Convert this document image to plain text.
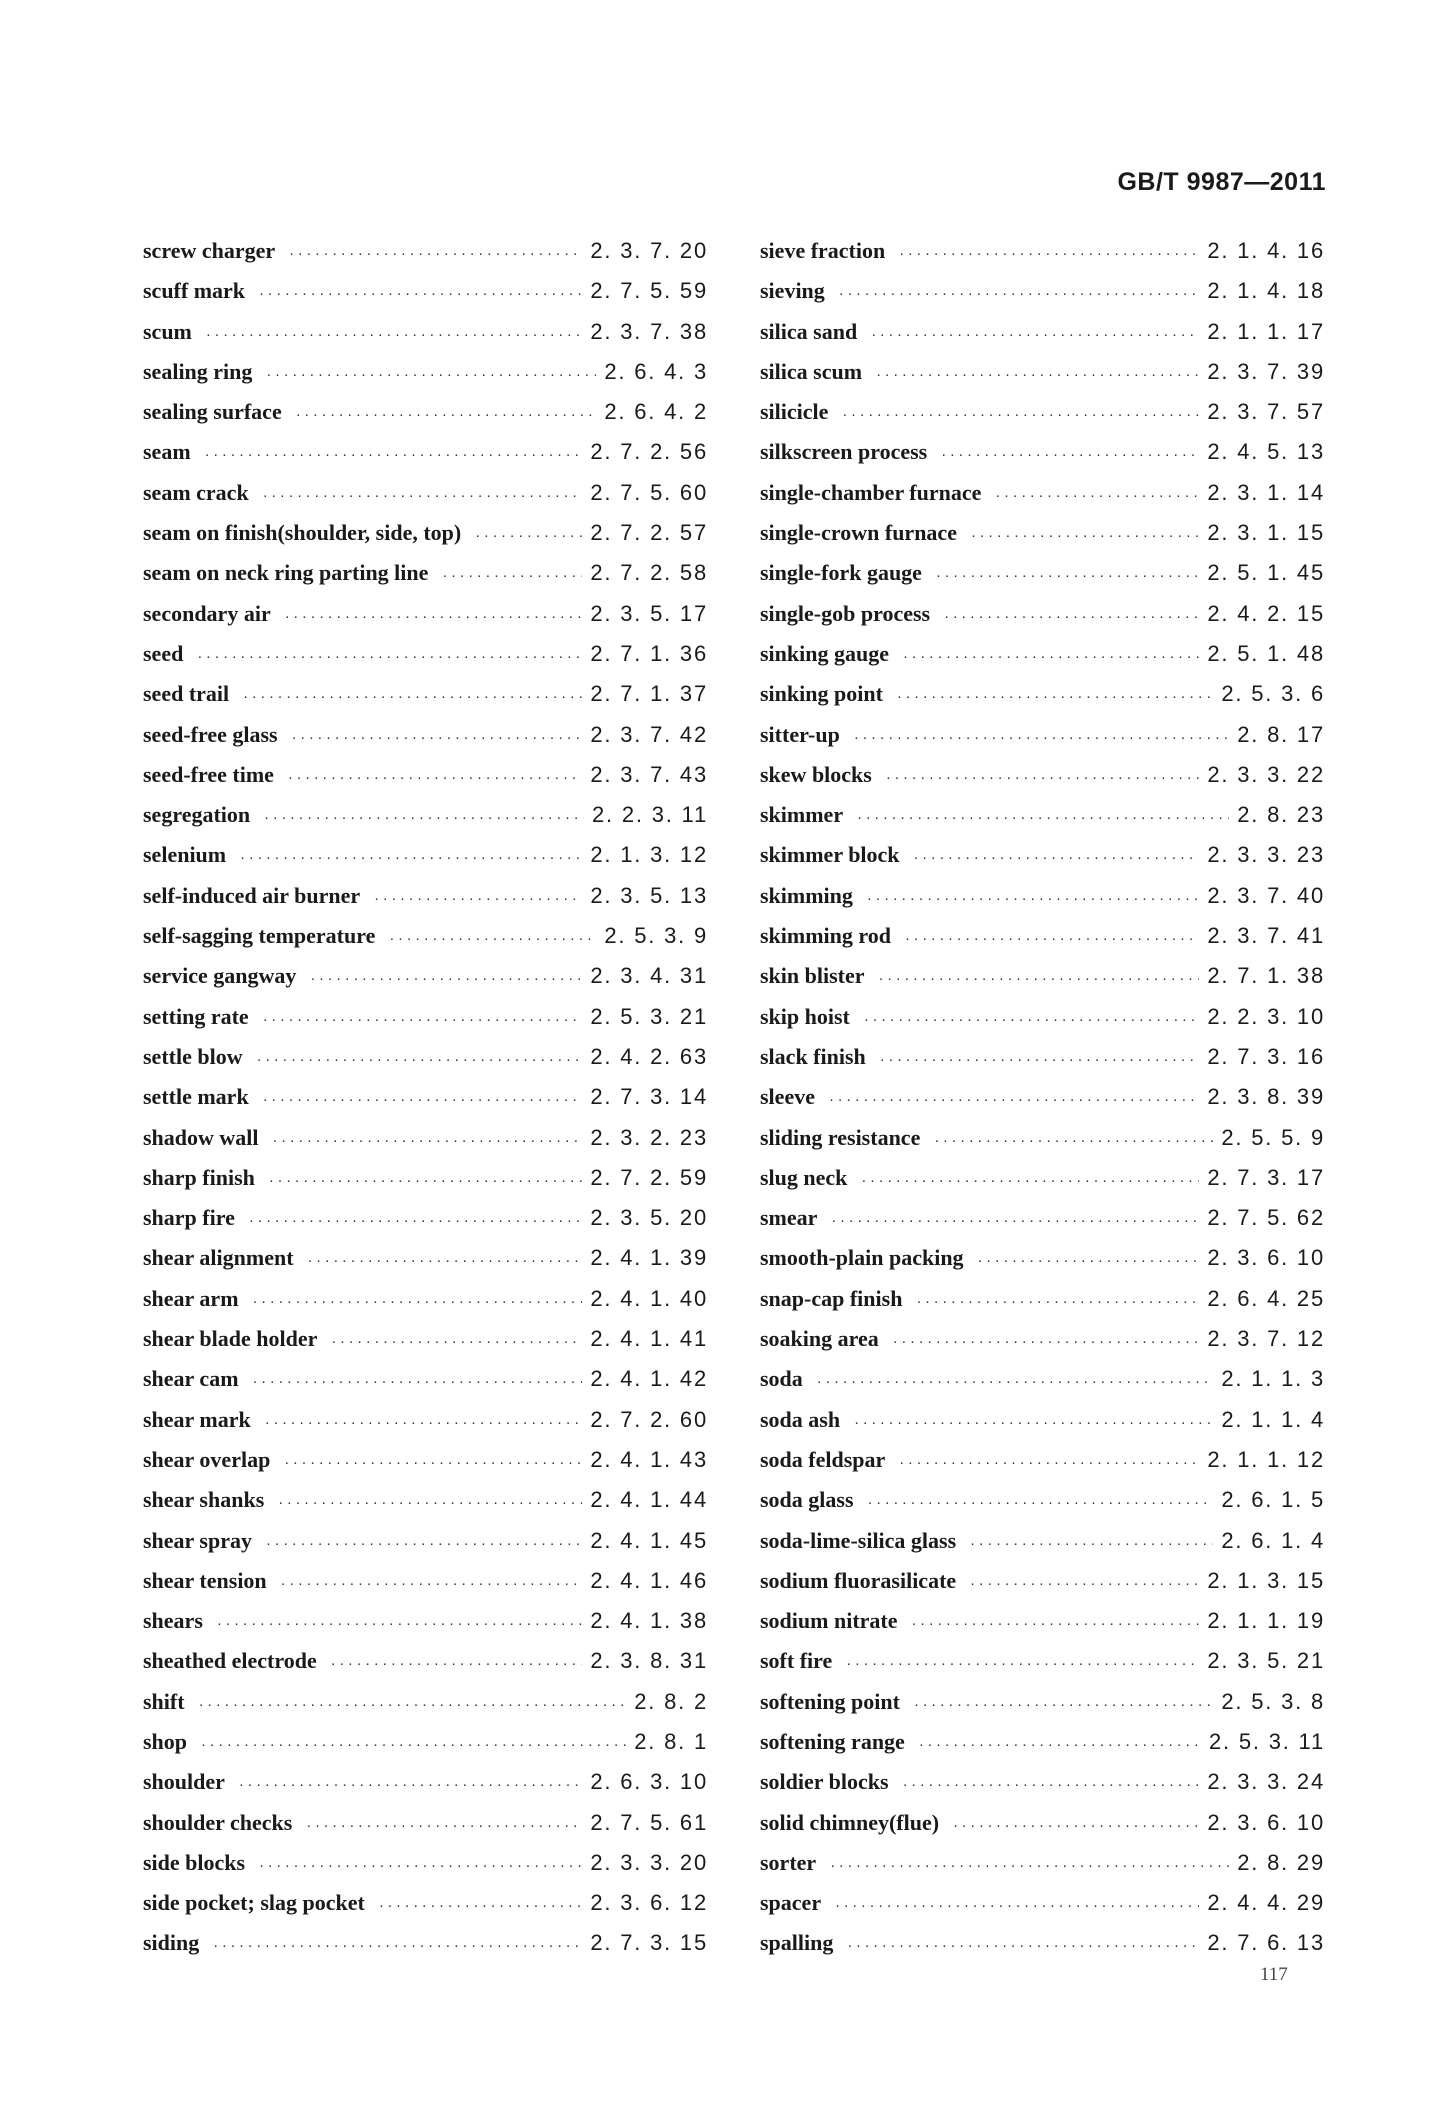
GB/T 9987—2011
screw charger ·····	2. 3. 7. 20
scuff mark ·····	2. 7. 5. 59
scum ·····	2. 3. 7. 38
sealing ring ·····	2. 6. 4. 3
sealing surface ·····	2. 6. 4. 2
seam ·····	2. 7. 2. 56
seam crack ·····	2. 7. 5. 60
seam on finish(shoulder, side, top) ·····	2. 7. 2. 57
seam on neck ring parting line ·····	2. 7. 2. 58
secondary air ·····	2. 3. 5. 17
seed ·····	2. 7. 1. 36
seed trail ·····	2. 7. 1. 37
seed-free glass ·····	2. 3. 7. 42
seed-free time ·····	2. 3. 7. 43
segregation ·····	2. 2. 3. 11
selenium ·····	2. 1. 3. 12
self-induced air burner ·····	2. 3. 5. 13
self-sagging temperature ·····	2. 5. 3. 9
service gangway ·····	2. 3. 4. 31
setting rate ·····	2. 5. 3. 21
settle blow ·····	2. 4. 2. 63
settle mark ·····	2. 7. 3. 14
shadow wall ·····	2. 3. 2. 23
sharp finish ·····	2. 7. 2. 59
sharp fire ·····	2. 3. 5. 20
shear alignment ·····	2. 4. 1. 39
shear arm ·····	2. 4. 1. 40
shear blade holder ·····	2. 4. 1. 41
shear cam ·····	2. 4. 1. 42
shear mark ·····	2. 7. 2. 60
shear overlap ·····	2. 4. 1. 43
shear shanks ·····	2. 4. 1. 44
shear spray ·····	2. 4. 1. 45
shear tension ·····	2. 4. 1. 46
shears ·····	2. 4. 1. 38
sheathed electrode ·····	2. 3. 8. 31
shift ·····	2. 8. 2
shop ·····	2. 8. 1
shoulder ·····	2. 6. 3. 10
shoulder checks ·····	2. 7. 5. 61
side blocks ·····	2. 3. 3. 20
side pocket; slag pocket ·····	2. 3. 6. 12
siding ·····	2. 7. 3. 15
sieve fraction ·····	2. 1. 4. 16
sieving ·····	2. 1. 4. 18
silica sand ·····	2. 1. 1. 17
silica scum ·····	2. 3. 7. 39
silicicle ·····	2. 3. 7. 57
silkscreen process ·····	2. 4. 5. 13
single-chamber furnace ·····	2. 3. 1. 14
single-crown furnace ·····	2. 3. 1. 15
single-fork gauge ·····	2. 5. 1. 45
single-gob process ·····	2. 4. 2. 15
sinking gauge ·····	2. 5. 1. 48
sinking point ·····	2. 5. 3. 6
sitter-up ·····	2. 8. 17
skew blocks ·····	2. 3. 3. 22
skimmer ·····	2. 8. 23
skimmer block ·····	2. 3. 3. 23
skimming ·····	2. 3. 7. 40
skimming rod ·····	2. 3. 7. 41
skin blister ·····	2. 7. 1. 38
skip hoist ·····	2. 2. 3. 10
slack finish ·····	2. 7. 3. 16
sleeve ·····	2. 3. 8. 39
sliding resistance ·····	2. 5. 5. 9
slug neck ·····	2. 7. 3. 17
smear ·····	2. 7. 5. 62
smooth-plain packing ·····	2. 3. 6. 10
snap-cap finish ·····	2. 6. 4. 25
soaking area ·····	2. 3. 7. 12
soda ·····	2. 1. 1. 3
soda ash ·····	2. 1. 1. 4
soda feldspar ·····	2. 1. 1. 12
soda glass ·····	2. 6. 1. 5
soda-lime-silica glass ·····	2. 6. 1. 4
sodium fluorasilicate ·····	2. 1. 3. 15
sodium nitrate ·····	2. 1. 1. 19
soft fire ·····	2. 3. 5. 21
softening point ·····	2. 5. 3. 8
softening range ·····	2. 5. 3. 11
soldier blocks ·····	2. 3. 3. 24
solid chimney(flue) ·····	2. 3. 6. 10
sorter ·····	2. 8. 29
spacer ·····	2. 4. 4. 29
spalling ·····	2. 7. 6. 13
117
